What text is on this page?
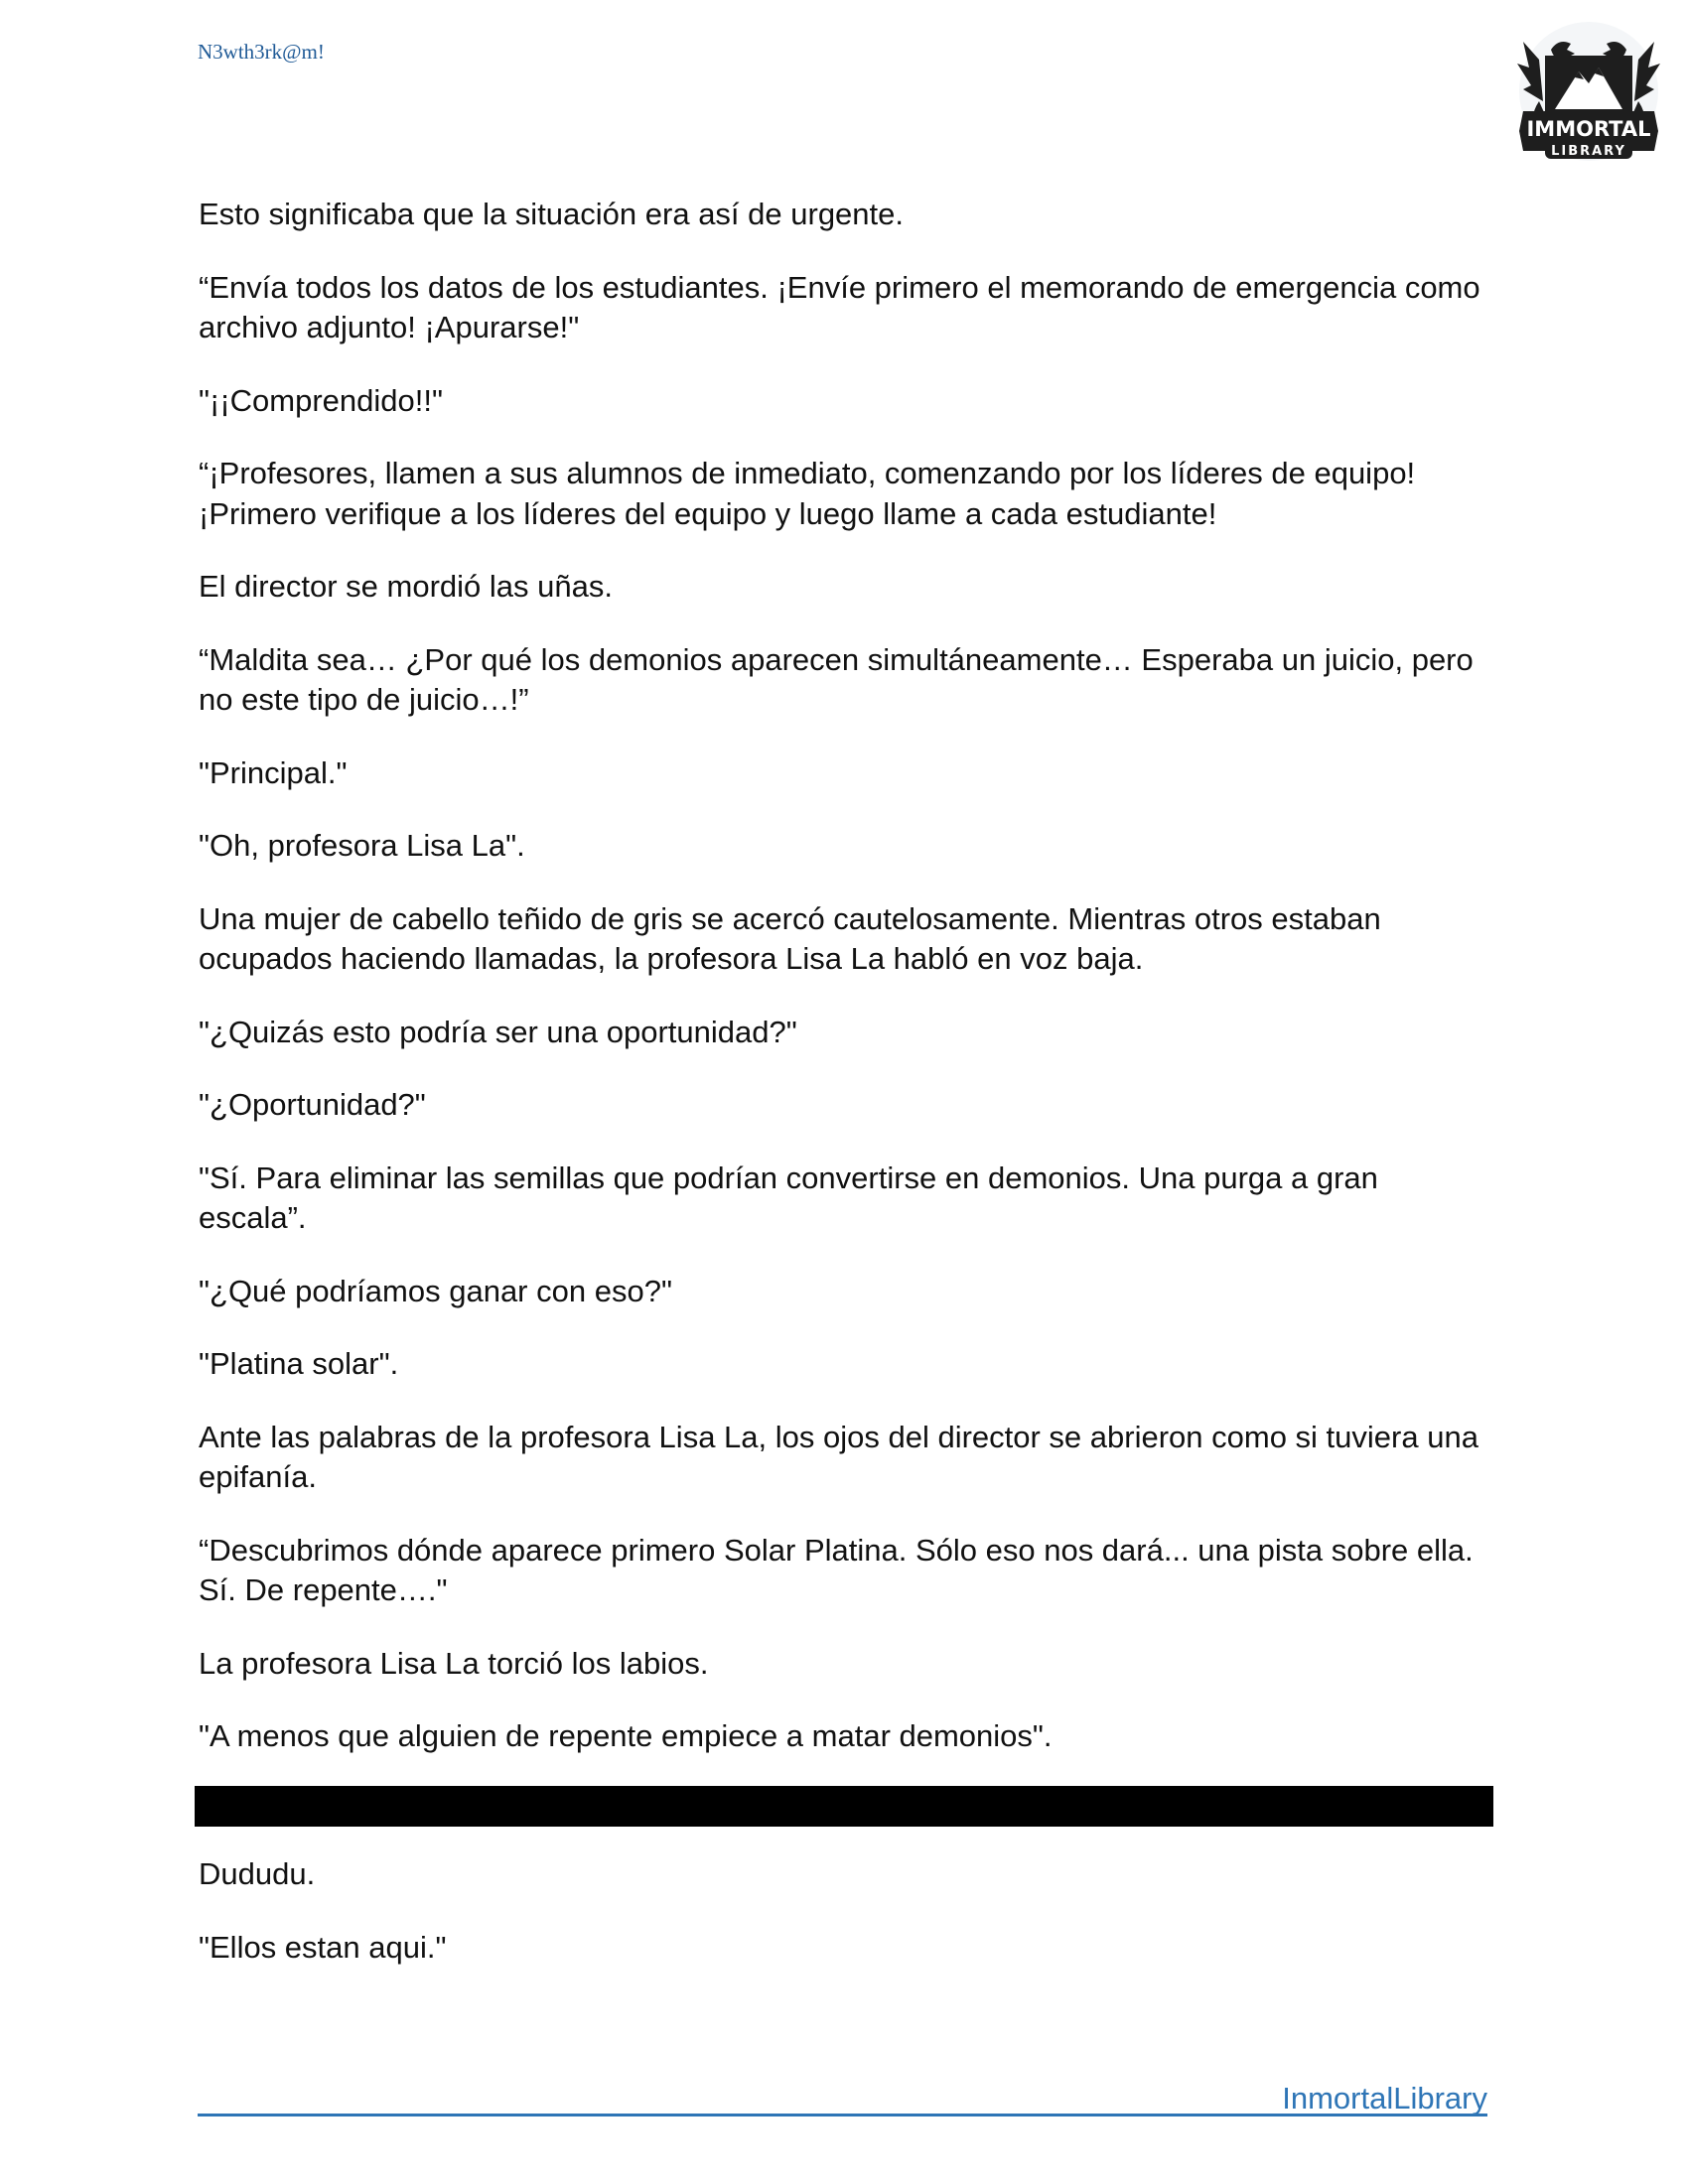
N3wth3rk@m!
IMMORTAL
LIBRARY

Esto significaba que la situación era así de urgente.

“Envía todos los datos de los estudiantes. ¡Envíe primero el memorando de emergencia como archivo adjunto! ¡Apurarse!"

"¡¡Comprendido!!"

“¡Profesores, llamen a sus alumnos de inmediato, comenzando por los líderes de equipo! ¡Primero verifique a los líderes del equipo y luego llame a cada estudiante!

El director se mordió las uñas.

“Maldita sea… ¿Por qué los demonios aparecen simultáneamente… Esperaba un juicio, pero no este tipo de juicio…!”

"Principal."

"Oh, profesora Lisa La".

Una mujer de cabello teñido de gris se acercó cautelosamente. Mientras otros estaban ocupados haciendo llamadas, la profesora Lisa La habló en voz baja.

"¿Quizás esto podría ser una oportunidad?"

"¿Oportunidad?"

"Sí. Para eliminar las semillas que podrían convertirse en demonios. Una purga a gran escala”.

"¿Qué podríamos ganar con eso?"

"Platina solar".

Ante las palabras de la profesora Lisa La, los ojos del director se abrieron como si tuviera una epifanía.

“Descubrimos dónde aparece primero Solar Platina. Sólo eso nos dará... una pista sobre ella. Sí. De repente…."

La profesora Lisa La torció los labios.

"A menos que alguien de repente empiece a matar demonios".

Dududu.

"Ellos estan aqui."

InmortalLibrary
